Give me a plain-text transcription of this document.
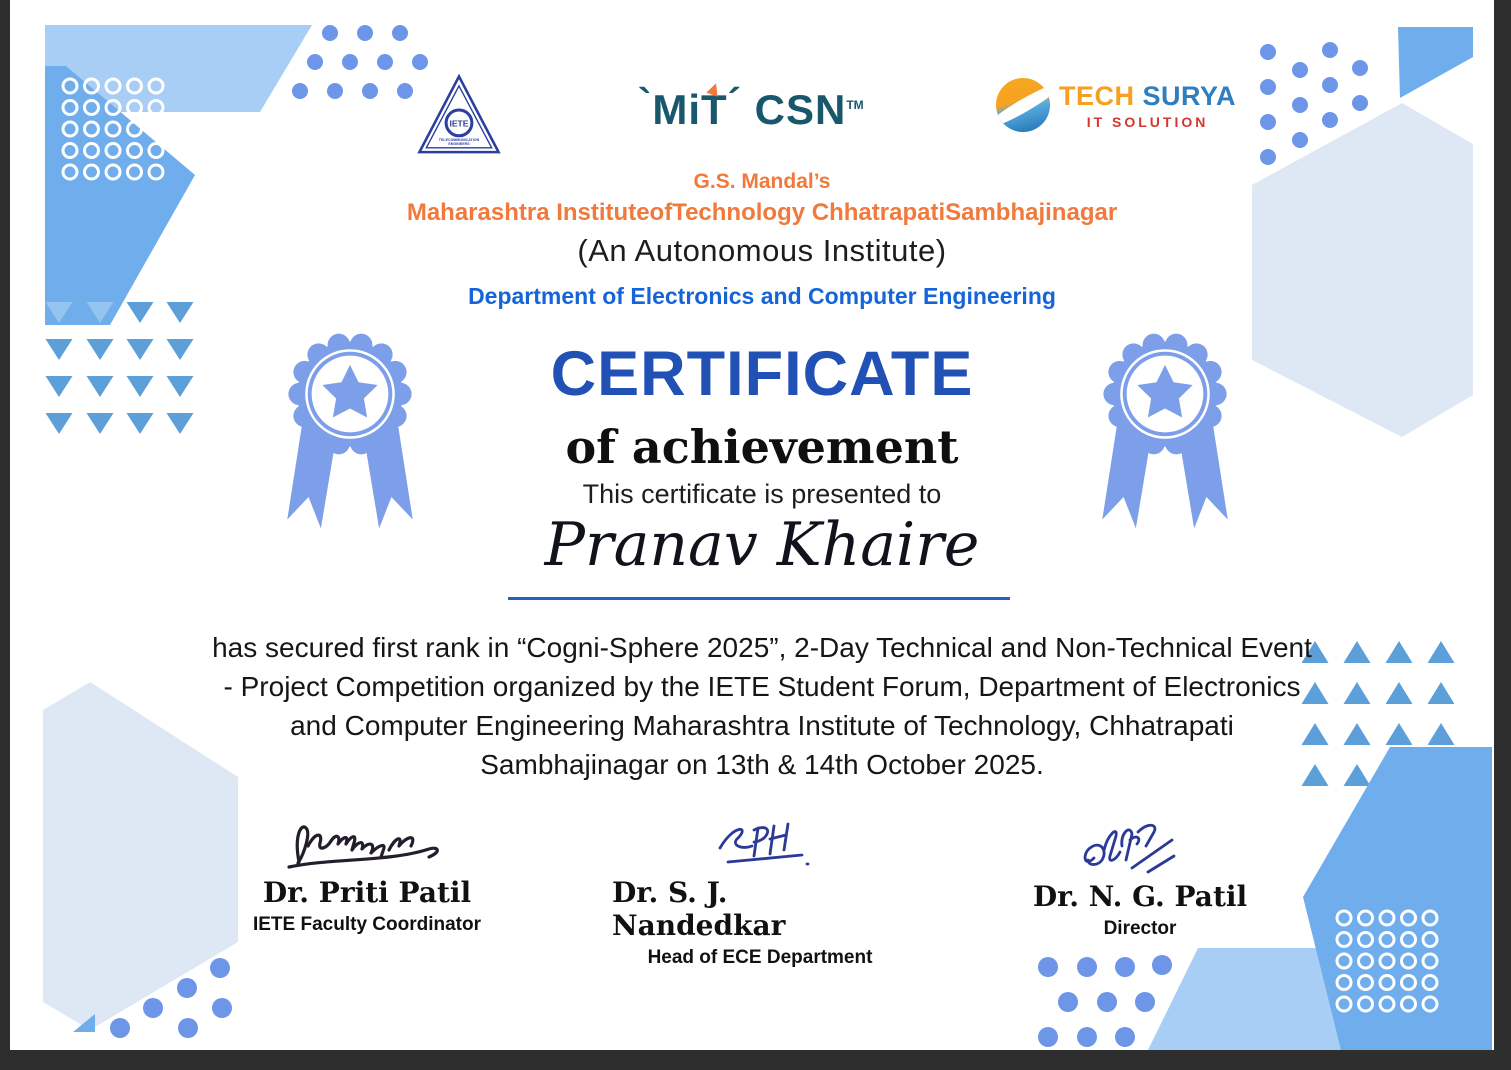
IETE
TELECOMMUNICATION
ENGINEERS
`MiT´ CSN™	TECH SURYA
IT SOLUTION
G.S. Mandal’s
Maharashtra InstituteofTechnology ChhatrapatiSambhajinagar
(An Autonomous Institute)
Department of Electronics and Computer Engineering
CERTIFICATE
of achievement
This certificate is presented to
Pranav Khaire

has secured first rank in “Cogni-Sphere 2025”, 2-Day Technical and Non-Technical Event - Project Competition organized by the IETE Student Forum, Department of Electronics and Computer Engineering Maharashtra Institute of Technology, Chhatrapati Sambhajinagar on 13th & 14th October 2025.

Dr. Priti Patil
IETE Faculty Coordinator
Dr. S. J. Nandedkar
Head of ECE Department
Dr. N. G. Patil
Director
